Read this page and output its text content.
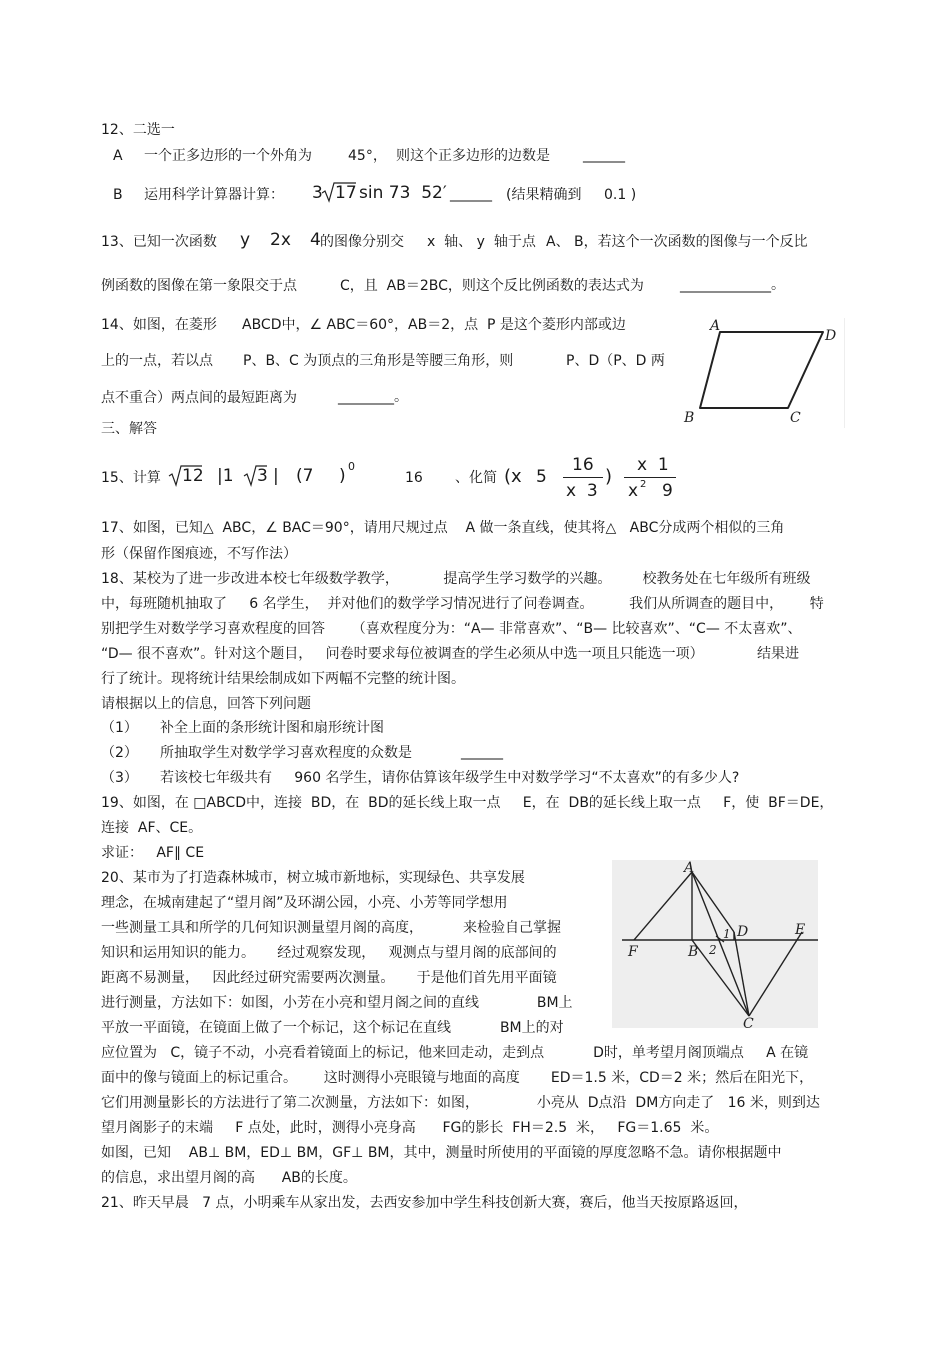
12、二选一
A 一个正多边形的一个外角为	45°， 则这个正多边形的边数是 ______
B 运用科学计算器计算： 3 17 sin 73  52′ ______ (结果精确到 0.1 )
13、已知一次函数 y 2x 4 的图像分别交 x  轴、 y  轴于点 A、 B，若这个一次函数的图像与一个反比
例函数的图像在第一象限交于点	C，且  AB＝2BC，则这个反比例函数的表达式为	_____________。
14、如图，在菱形 ABCD中，∠ ABC＝60°，AB＝2，点  P 是这个菱形内部或边
上的一点，若以点 P、B、C 为顶点的三角形是等腰三角形，则	P、D（P、D 两
点不重合）两点间的最短距离为	________。
A
D
B	C
三、解答
15、计算 12 |1 3 | (7 ) 0
16 、化简 (x 5
16
x  3
)
x  1
x 2 9
17、如图，已知△  ABC，∠ BAC＝90°，请用尺规过点    A 做一条直线，使其将△   ABC分成两个相似的三角
形（保留作图痕迹，不写作法）
18、某校为了进一步改进本校七年级数学教学，          提高学生学习数学的兴趣。       校教务处在七年级所有班级
中，每班随机抽取了     6 名学生，  并对他们的数学学习情况进行了问卷调查。        我们从所调查的题目中，      特
别把学生对数学学习喜欢程度的回答      （喜欢程度分为：“A— 非常喜欢”、“B— 比较喜欢”、“C— 不太喜欢”、
“D— 很不喜欢”。针对这个题目，   问卷时要求每位被调查的学生必须从中选一项且只能选一项）            结果进
行了统计。现将统计结果绘制成如下两幅不完整的统计图。
请根据以上的信息，回答下列问题
（1） 补全上面的条形统计图和扇形统计图
（2） 所抽取学生对数学学习喜欢程度的众数是	______
（3） 若该校七年级共有     960 名学生，请你估算该年级学生中对数学学习“不太喜欢”的有多少人?
19、如图，在 □ABCD中，连接  BD，在  BD的延长线上取一点     E，在  DB的延长线上取一点     F，使  BF＝DE，
连接  AF、CE。
求证：   AF∥ CE
20、某市为了打造森林城市，树立城市新地标，实现绿色、共享发展
理念，在城南建起了“望月阁”及环湖公园，小亮、小芳等同学想用
一些测量工具和所学的几何知识测量望月阁的高度，         来检验自己掌握
知识和运用知识的能力。     经过观察发现，   观测点与望月阁的底部间的
距离不易测量，   因此经过研究需要两次测量。     于是他们首先用平面镜
进行测量，方法如下：如图，小芳在小亮和望月阁之间的直线             BM上
平放一平面镜，在镜面上做了一个标记，这个标记在直线           BM上的对
应位置为   C，镜子不动，小亮看着镜面上的标记，他来回走动，走到点           D时，单考望月阁顶端点     A 在镜
面中的像与镜面上的标记重合。      这时测得小亮眼镜与地面的高度       ED＝1.5 米，CD＝2 米；然后在阳光下，
它们用测量影长的方法进行了第二次测量，方法如下：如图，             小亮从  D点沿  DM方向走了   16 米，则到达
望月阁影子的末端     F 点处，此时，测得小亮身高      FG的影长  FH＝2.5  米，   FG＝1.65  米。
如图，已知    AB⊥ BM，ED⊥ BM，GF⊥ BM，其中，测量时所使用的平面镜的厚度忽略不急。请你根据题中
的信息，求出望月阁的高      AB的长度。
A
F	B 2
1 D	E
C
21、昨天早晨   7 点，小明乘车从家出发，去西安参加中学生科技创新大赛，赛后，他当天按原路返回，
